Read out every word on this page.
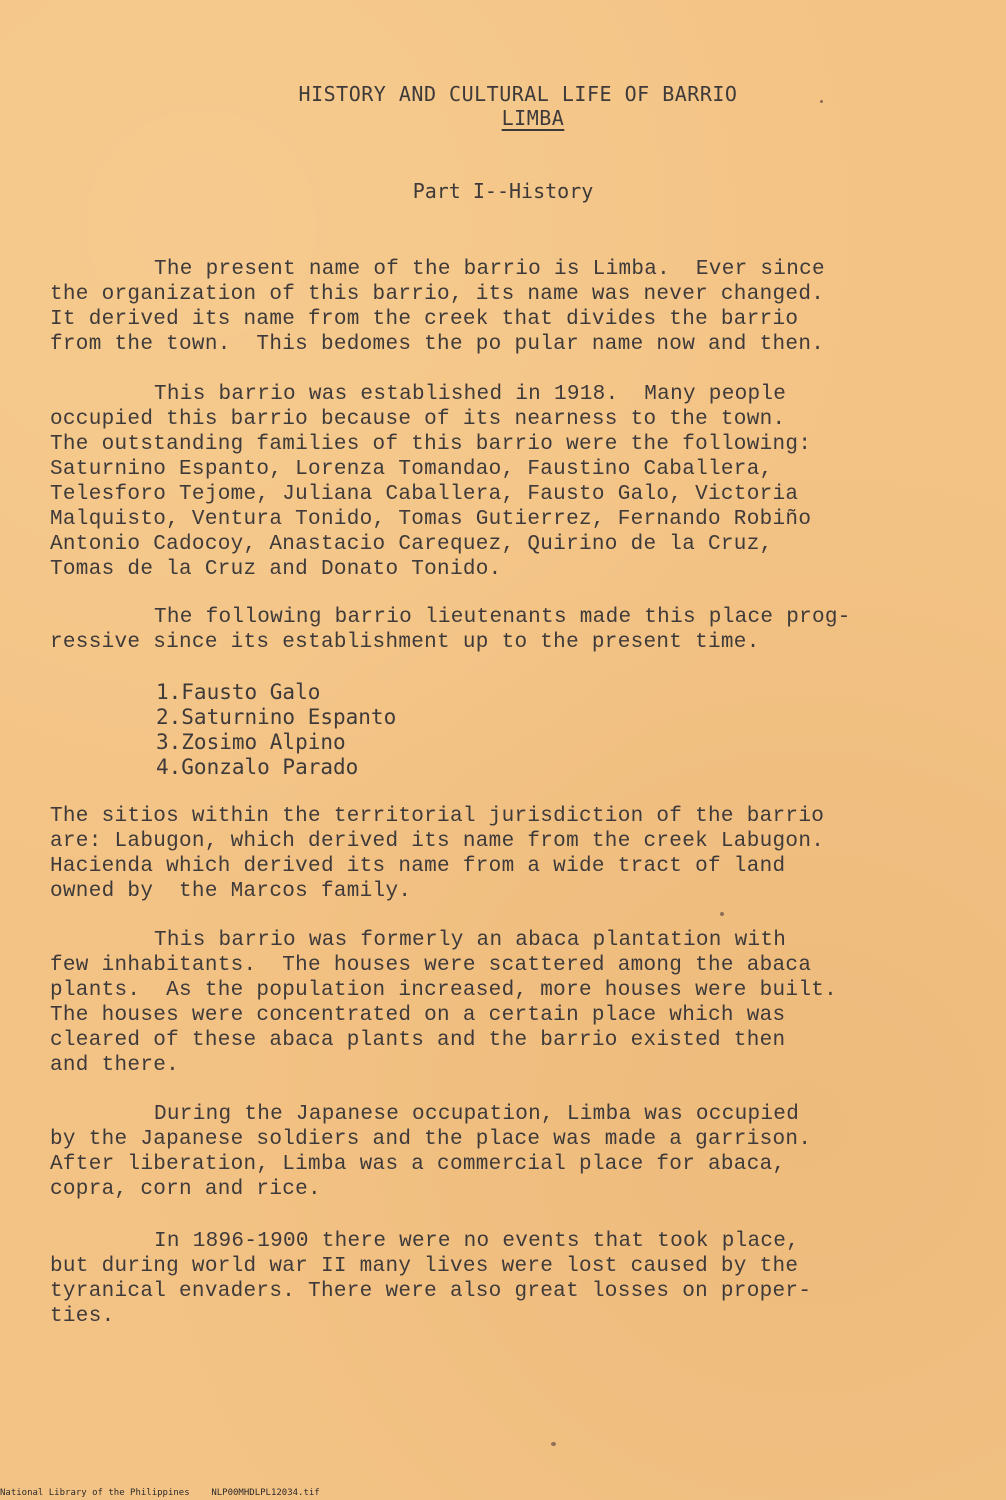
HISTORY AND CULTURAL LIFE OF BARRIO
LIMBA
Part I--History
The present name of the barrio is Limba.  Ever since
the organization of this barrio, its name was never changed.
It derived its name from the creek that divides the barrio
from the town.  This bedomes the po pular name now and then.
This barrio was established in 1918.  Many people
occupied this barrio because of its nearness to the town.
The outstanding families of this barrio were the following:
Saturnino Espanto, Lorenza Tomandao, Faustino Caballera,
Telesforo Tejome, Juliana Caballera, Fausto Galo, Victoria
Malquisto, Ventura Tonido, Tomas Gutierrez, Fernando Robiño
Antonio Cadocoy, Anastacio Carequez, Quirino de la Cruz,
Tomas de la Cruz and Donato Tonido.
The following barrio lieutenants made this place prog-
ressive since its establishment up to the present time.
1.Fausto Galo
2.Saturnino Espanto
3.Zosimo Alpino
4.Gonzalo Parado
The sitios within the territorial jurisdiction of the barrio
are: Labugon, which derived its name from the creek Labugon.
Hacienda which derived its name from a wide tract of land
owned by  the Marcos family.
This barrio was formerly an abaca plantation with
few inhabitants.  The houses were scattered among the abaca
plants.  As the population increased, more houses were built.
The houses were concentrated on a certain place which was
cleared of these abaca plants and the barrio existed then
and there.
During the Japanese occupation, Limba was occupied
by the Japanese soldiers and the place was made a garrison.
After liberation, Limba was a commercial place for abaca,
copra, corn and rice.
In 1896-1900 there were no events that took place,
but during world war II many lives were lost caused by the
tyranical envaders. There were also great losses on proper-
ties.
National Library of the Philippines NLP00MHDLPL12034.tif
